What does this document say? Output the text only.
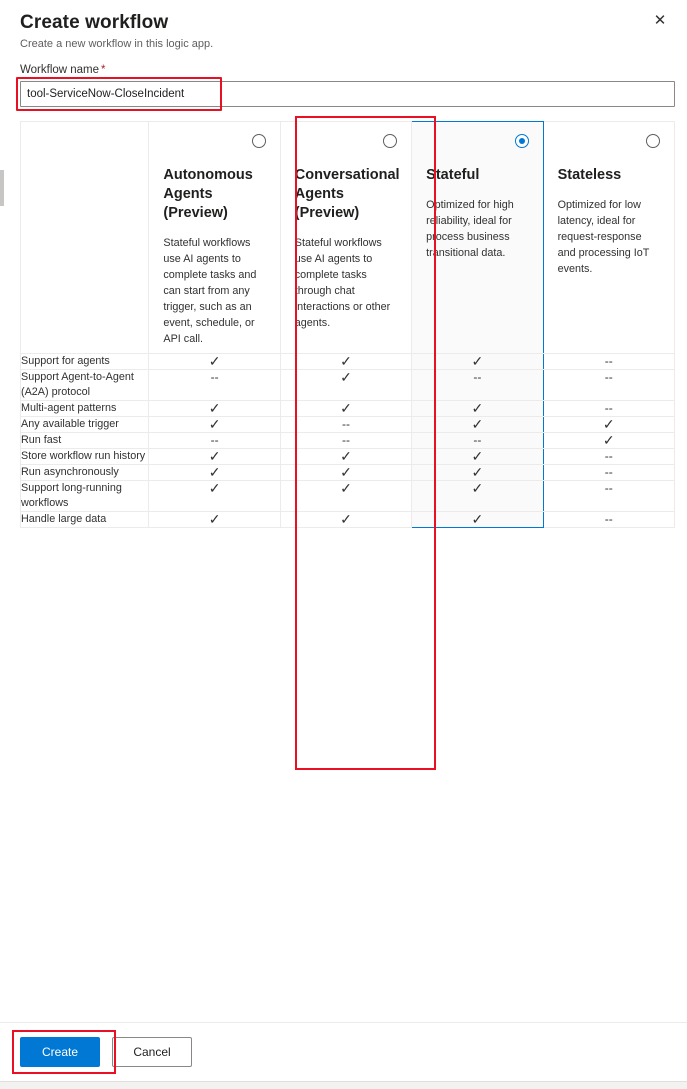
Create workflow

Create a new workflow in this logic app.

✕
Workflow name *
tool-ServiceNow-CloseIncident

Autonomous Agents (Preview)
Stateful workflows use AI agents to complete tasks and can start from any trigger, such as an event, schedule, or API call.

Conversational Agents (Preview)
Stateful workflows use AI agents to complete tasks through chat interactions or other agents.

Stateful
Optimized for high reliability, ideal for process business transitional data.

Stateless
Optimized for low latency, ideal for request-response and processing IoT events.

Support for agents	✓	✓	✓	--
Support Agent-to-Agent (A2A) protocol	--	✓	--	--
Multi-agent patterns	✓	✓	✓	--
Any available trigger	✓	--	✓	✓
Run fast	--	--	--	✓
Store workflow run history	✓	✓	✓	--
Run asynchronously	✓	✓	✓	--
Support long-running workflows	✓	✓	✓	--
Handle large data	✓	✓	✓	--
Create	Cancel
